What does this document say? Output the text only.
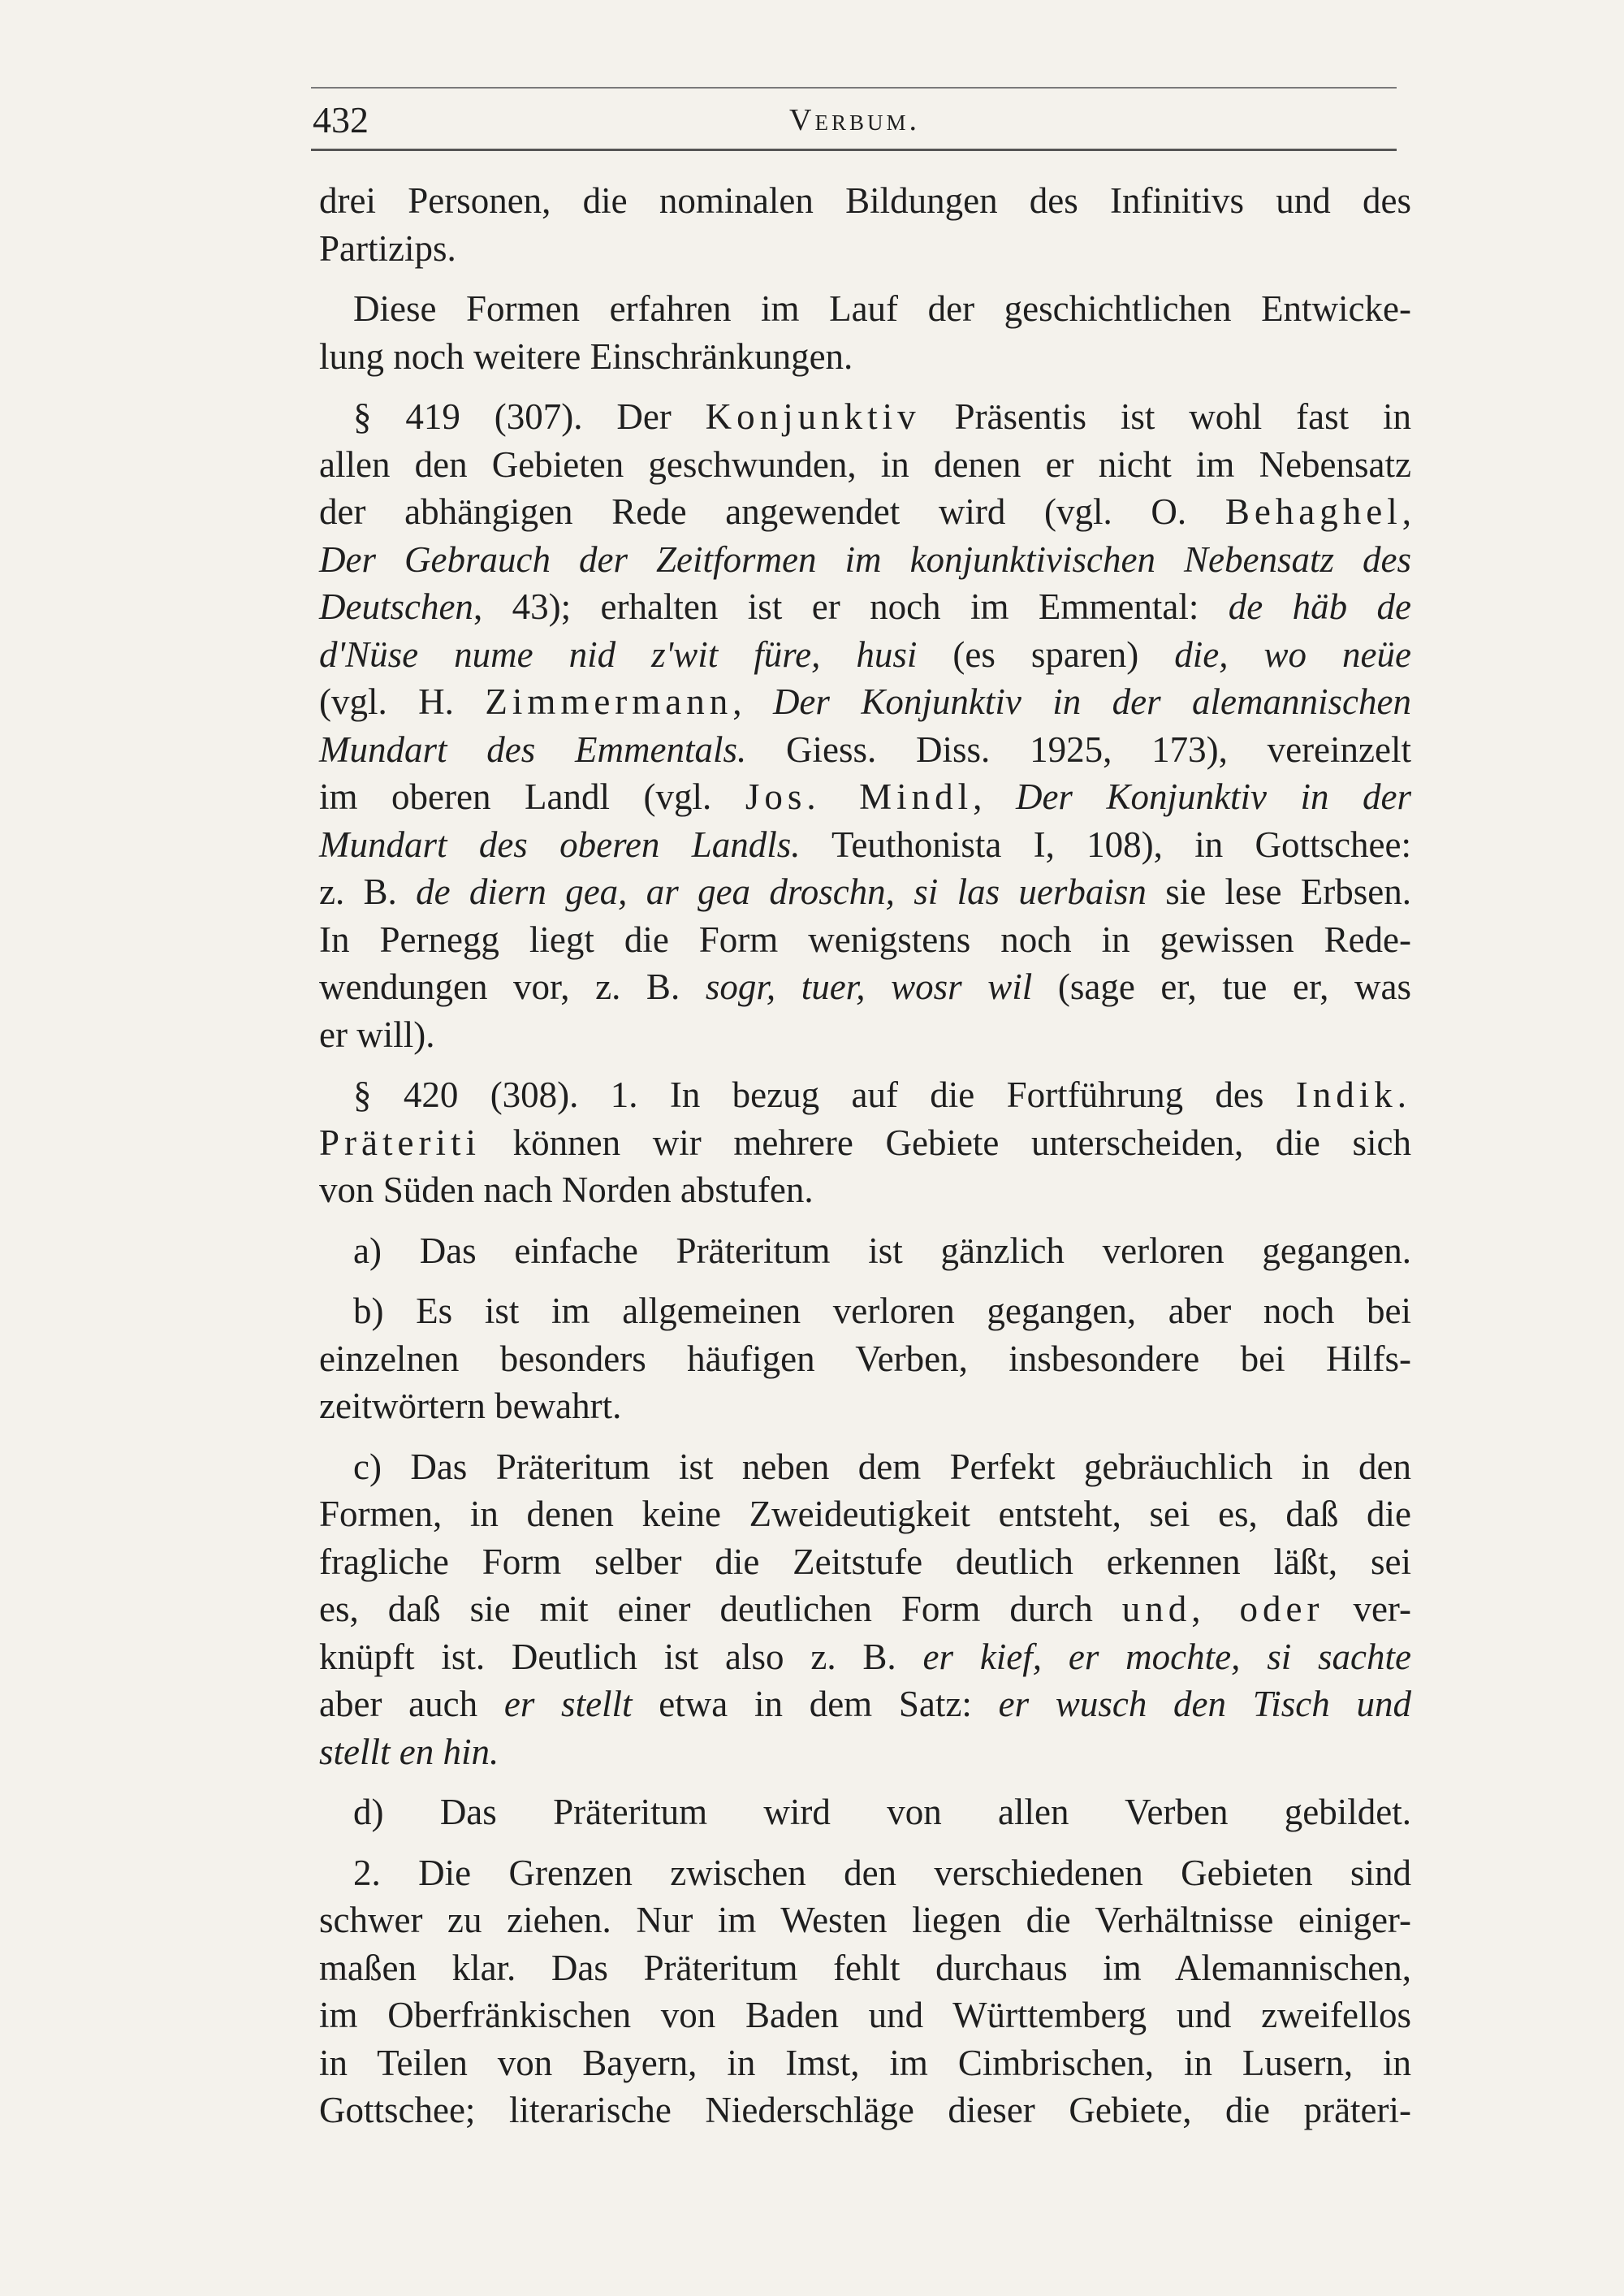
432	Verbum.
drei Personen, die nominalen Bildungen des Infinitivs und des
Partizips.
Diese Formen erfahren im Lauf der geschichtlichen Entwicke-
lung noch weitere Einschränkungen.
§ 419 (307). Der Konjunktiv Präsentis ist wohl fast in
allen den Gebieten geschwunden, in denen er nicht im Nebensatz
der abhängigen Rede angewendet wird (vgl. O. Behaghel,
Der Gebrauch der Zeitformen im konjunktivischen Nebensatz des
Deutschen, 43); erhalten ist er noch im Emmental: de häb de
d'Nüse nume nid z'wit füre, husi (es sparen) die, wo neüe
(vgl. H. Zimmermann, Der Konjunktiv in der alemannischen
Mundart des Emmentals. Giess. Diss. 1925, 173), vereinzelt
im oberen Landl (vgl. Jos. Mindl, Der Konjunktiv in der
Mundart des oberen Landls. Teuthonista I, 108), in Gottschee:
z. B. de diern gea, ar gea droschn, si las uerbaisn sie lese Erbsen.
In Pernegg liegt die Form wenigstens noch in gewissen Rede-
wendungen vor, z. B. sogr, tuer, wosr wil (sage er, tue er, was
er will).
§ 420 (308). 1. In bezug auf die Fortführung des Indik.
Präteriti können wir mehrere Gebiete unterscheiden, die sich
von Süden nach Norden abstufen.
a) Das einfache Präteritum ist gänzlich verloren gegangen.
b) Es ist im allgemeinen verloren gegangen, aber noch bei
einzelnen besonders häufigen Verben, insbesondere bei Hilfs-
zeitwörtern bewahrt.
c) Das Präteritum ist neben dem Perfekt gebräuchlich in den
Formen, in denen keine Zweideutigkeit entsteht, sei es, daß die
fragliche Form selber die Zeitstufe deutlich erkennen läßt, sei
es, daß sie mit einer deutlichen Form durch und, oder ver-
knüpft ist. Deutlich ist also z. B. er kief, er mochte, si sachte
aber auch er stellt etwa in dem Satz: er wusch den Tisch und
stellt en hin.
d) Das Präteritum wird von allen Verben gebildet.
2. Die Grenzen zwischen den verschiedenen Gebieten sind
schwer zu ziehen. Nur im Westen liegen die Verhältnisse einiger-
maßen klar. Das Präteritum fehlt durchaus im Alemannischen,
im Oberfränkischen von Baden und Württemberg und zweifellos
in Teilen von Bayern, in Imst, im Cimbrischen, in Lusern, in
Gottschee; literarische Niederschläge dieser Gebiete, die präteri-
